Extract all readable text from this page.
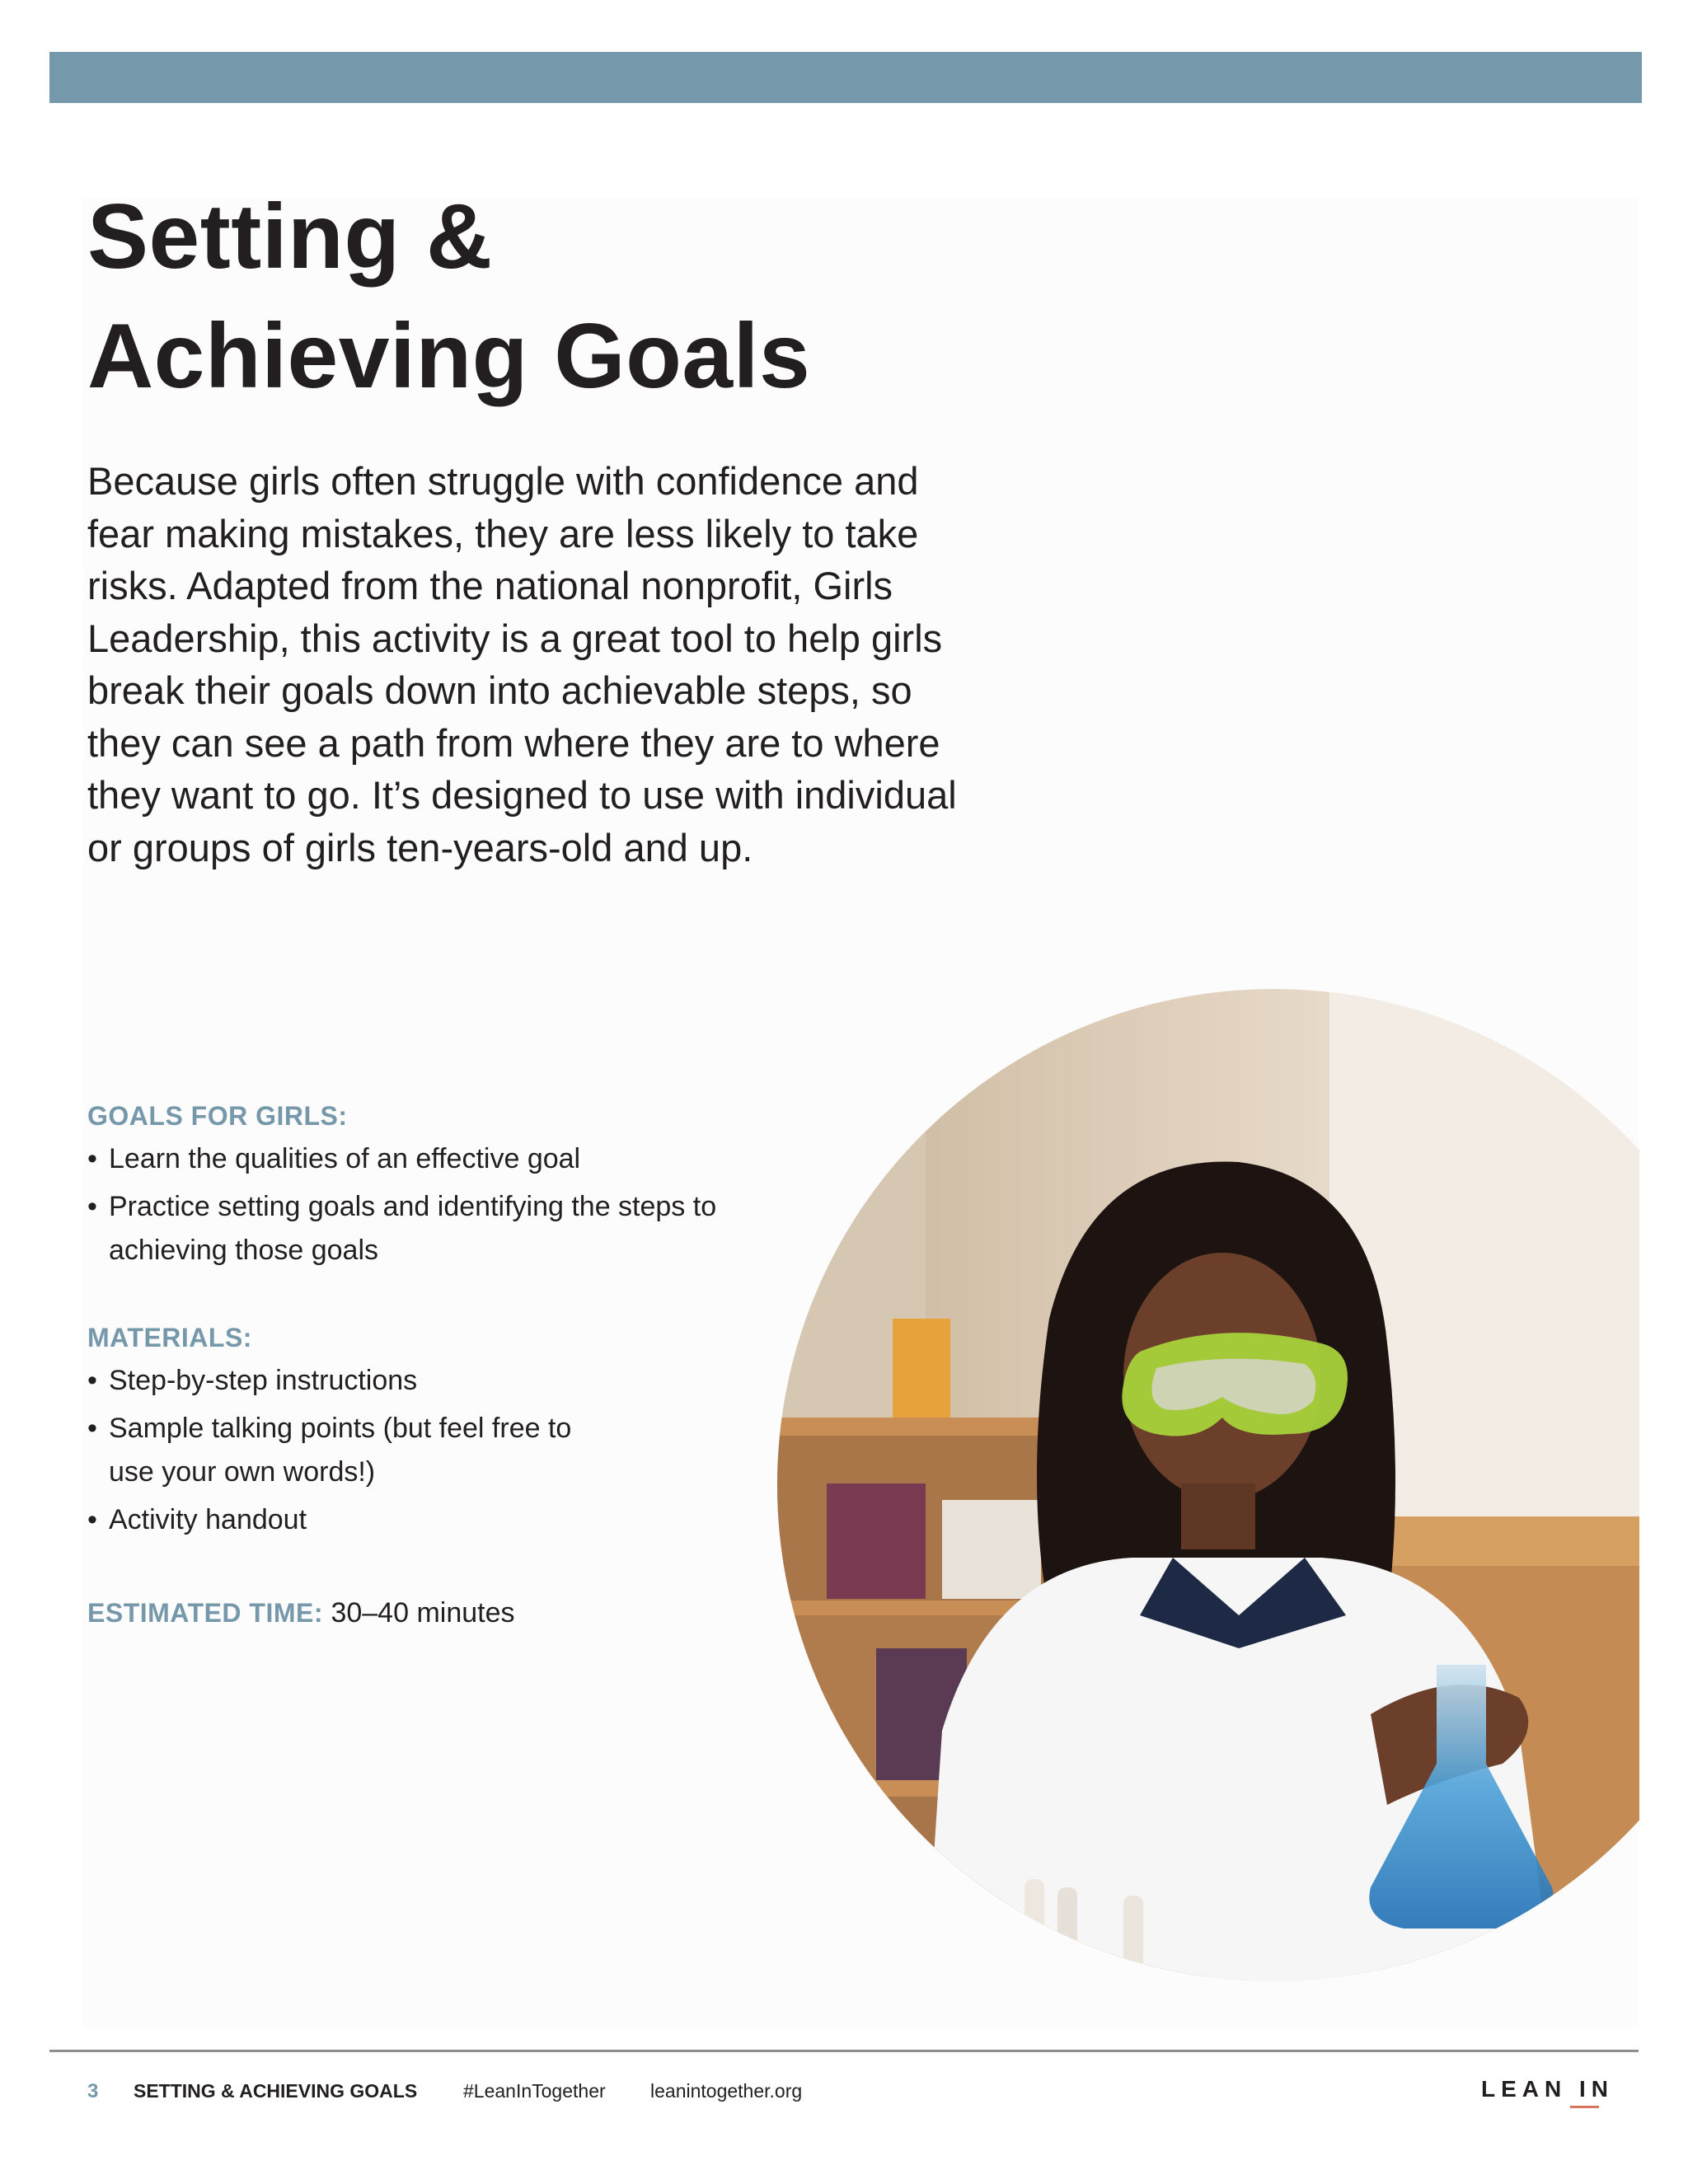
Setting &
Achieving Goals

Because girls often struggle with confidence and fear making mistakes, they are less likely to take risks. Adapted from the national nonprofit, Girls Leadership, this activity is a great tool to help girls break their goals down into achievable steps, so they can see a path from where they are to where they want to go. It’s designed to use with individual or groups of girls ten-years-old and up.

GOALS FOR GIRLS:
• Learn the qualities of an effective goal
• Practice setting goals and identifying the steps to achieving those goals
MATERIALS:
• Step-by-step instructions
• Sample talking points (but feel free to use your own words!)
• Activity handout

ESTIMATED TIME: 30–40 minutes

3 SETTING & ACHIEVING GOALS #LeanInTogether leanintogether.org	LEAN IN
